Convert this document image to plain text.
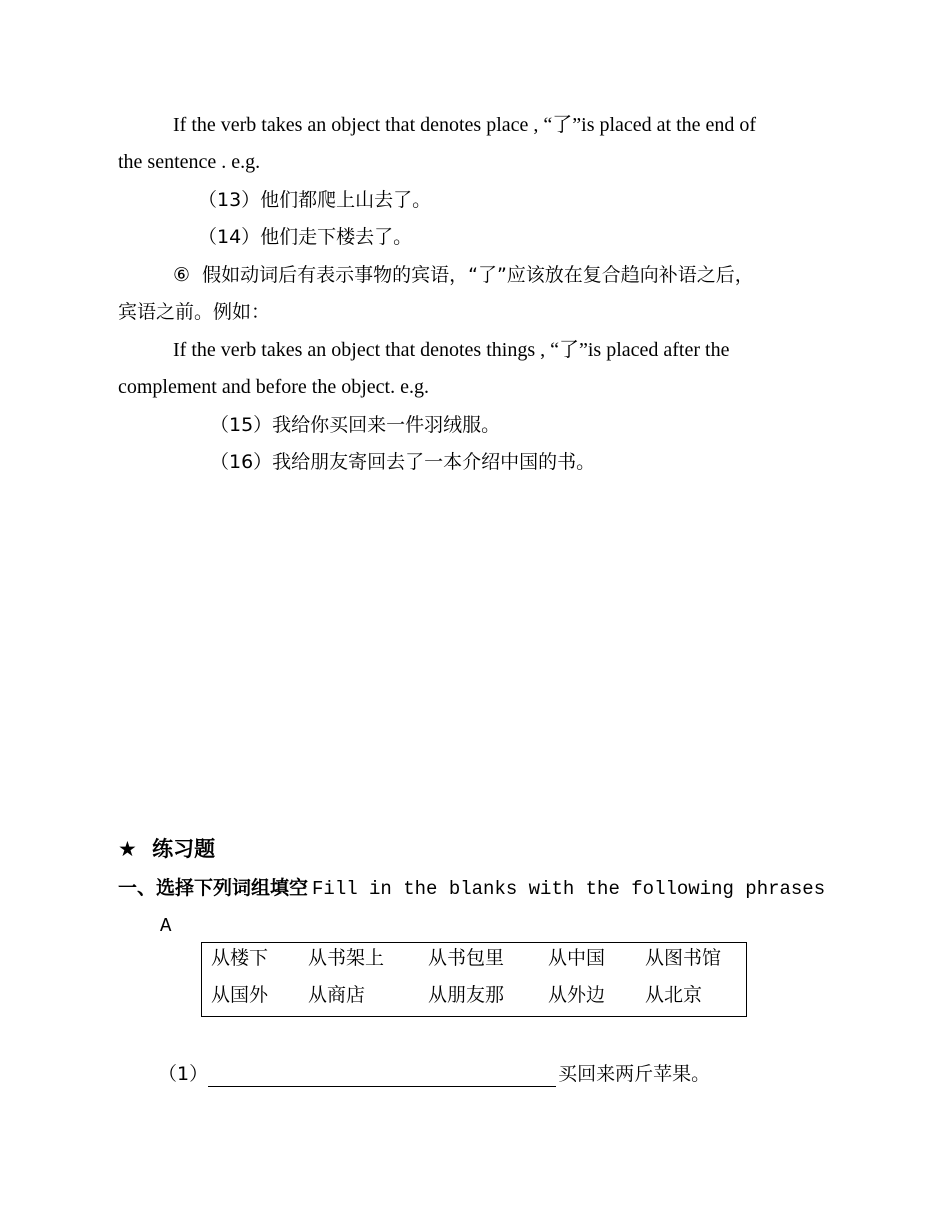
If the verb takes an object that denotes place , “了”is placed at the end of
the sentence . e.g.
（13）他们都爬上山去了。
（14）他们走下楼去了。
⑥ 假如动词后有表示事物的宾语，“了”应该放在复合趋向补语之后，
宾语之前。例如：
If the verb takes an object that denotes things , “了”is placed after the
complement and before the object. e.g.
（15）我给你买回来一件羽绒服。
（16）我给朋友寄回去了一本介绍中国的书。
★ 练习题
一、选择下列词组填空 Fill in the blanks with the following phrases
A
从楼下 从书架上 从书包里 从中国 从图书馆
从国外 从商店	从朋友那 从外边 从北京
（1）	买回来两斤苹果。
